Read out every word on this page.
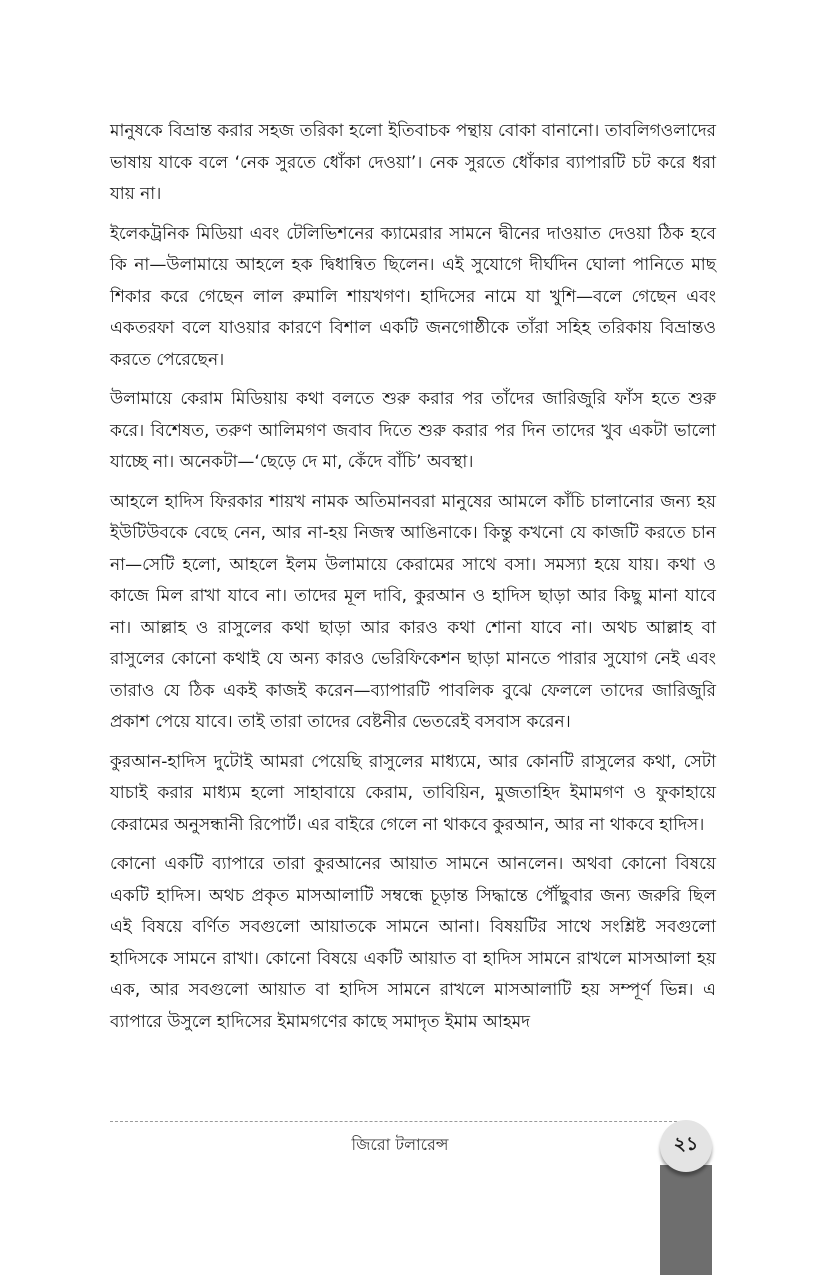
মানুষকে বিভ্রান্ত করার সহজ তরিকা হলো ইতিবাচক পন্থায় বোকা বানানো। তাবলিগওলাদের ভাষায় যাকে বলে ‘নেক সুরতে ধোঁকা দেওয়া’। নেক সুরতে ধোঁকার ব্যাপারটি চট করে ধরা যায় না।

ইলেকট্রনিক মিডিয়া এবং টেলিভিশনের ক্যামেরার সামনে দ্বীনের দাওয়াত দেওয়া ঠিক হবে কি না—উলামায়ে আহলে হক দ্বিধান্বিত ছিলেন। এই সুযোগে দীর্ঘদিন ঘোলা পানিতে মাছ শিকার করে গেছেন লাল রুমালি শায়খগণ। হাদিসের নামে যা খুশি—বলে গেছেন এবং একতরফা বলে যাওয়ার কারণে বিশাল একটি জনগোষ্ঠীকে তাঁরা সহিহ তরিকায় বিভ্রান্তও করতে পেরেছেন।

উলামায়ে কেরাম মিডিয়ায় কথা বলতে শুরু করার পর তাঁদের জারিজুরি ফাঁস হতে শুরু করে। বিশেষত, তরুণ আলিমগণ জবাব দিতে শুরু করার পর দিন তাদের খুব একটা ভালো যাচ্ছে না। অনেকটা—‘ছেড়ে দে মা, কেঁদে বাঁচি’ অবস্থা।

আহলে হাদিস ফিরকার শায়খ নামক অতিমানবরা মানুষের আমলে কাঁচি চালানোর জন্য হয় ইউটিউবকে বেছে নেন, আর না-হয় নিজস্ব আঙিনাকে। কিন্তু কখনো যে কাজটি করতে চান না—সেটি হলো, আহলে ইলম উলামায়ে কেরামের সাথে বসা। সমস্যা হয়ে যায়। কথা ও কাজে মিল রাখা যাবে না। তাদের মূল দাবি, কুরআন ও হাদিস ছাড়া আর কিছু মানা যাবে না। আল্লাহ ও রাসুলের কথা ছাড়া আর কারও কথা শোনা যাবে না। অথচ আল্লাহ বা রাসুলের কোনো কথাই যে অন্য কারও ভেরিফিকেশন ছাড়া মানতে পারার সুযোগ নেই এবং তারাও যে ঠিক একই কাজই করেন—ব্যাপারটি পাবলিক বুঝে ফেললে তাদের জারিজুরি প্রকাশ পেয়ে যাবে। তাই তারা তাদের বেষ্টনীর ভেতরেই বসবাস করেন।

কুরআন-হাদিস দুটোই আমরা পেয়েছি রাসুলের মাধ্যমে, আর কোনটি রাসুলের কথা, সেটা যাচাই করার মাধ্যম হলো সাহাবায়ে কেরাম, তাবিয়িন, মুজতাহিদ ইমামগণ ও ফুকাহায়ে কেরামের অনুসন্ধানী রিপোর্ট। এর বাইরে গেলে না থাকবে কুরআন, আর না থাকবে হাদিস।

কোনো একটি ব্যাপারে তারা কুরআনের আয়াত সামনে আনলেন। অথবা কোনো বিষয়ে একটি হাদিস। অথচ প্রকৃত মাসআলাটি সম্বন্ধে চূড়ান্ত সিদ্ধান্তে পৌঁছুবার জন্য জরুরি ছিল এই বিষয়ে বর্ণিত সবগুলো আয়াতকে সামনে আনা। বিষয়টির সাথে সংশ্লিষ্ট সবগুলো হাদিসকে সামনে রাখা। কোনো বিষয়ে একটি আয়াত বা হাদিস সামনে রাখলে মাসআলা হয় এক, আর সবগুলো আয়াত বা হাদিস সামনে রাখলে মাসআলাটি হয় সম্পূর্ণ ভিন্ন। এ ব্যাপারে উসুলে হাদিসের ইমামগণের কাছে সমাদৃত ইমাম আহমদ

জিরো টলারেন্স	২১
